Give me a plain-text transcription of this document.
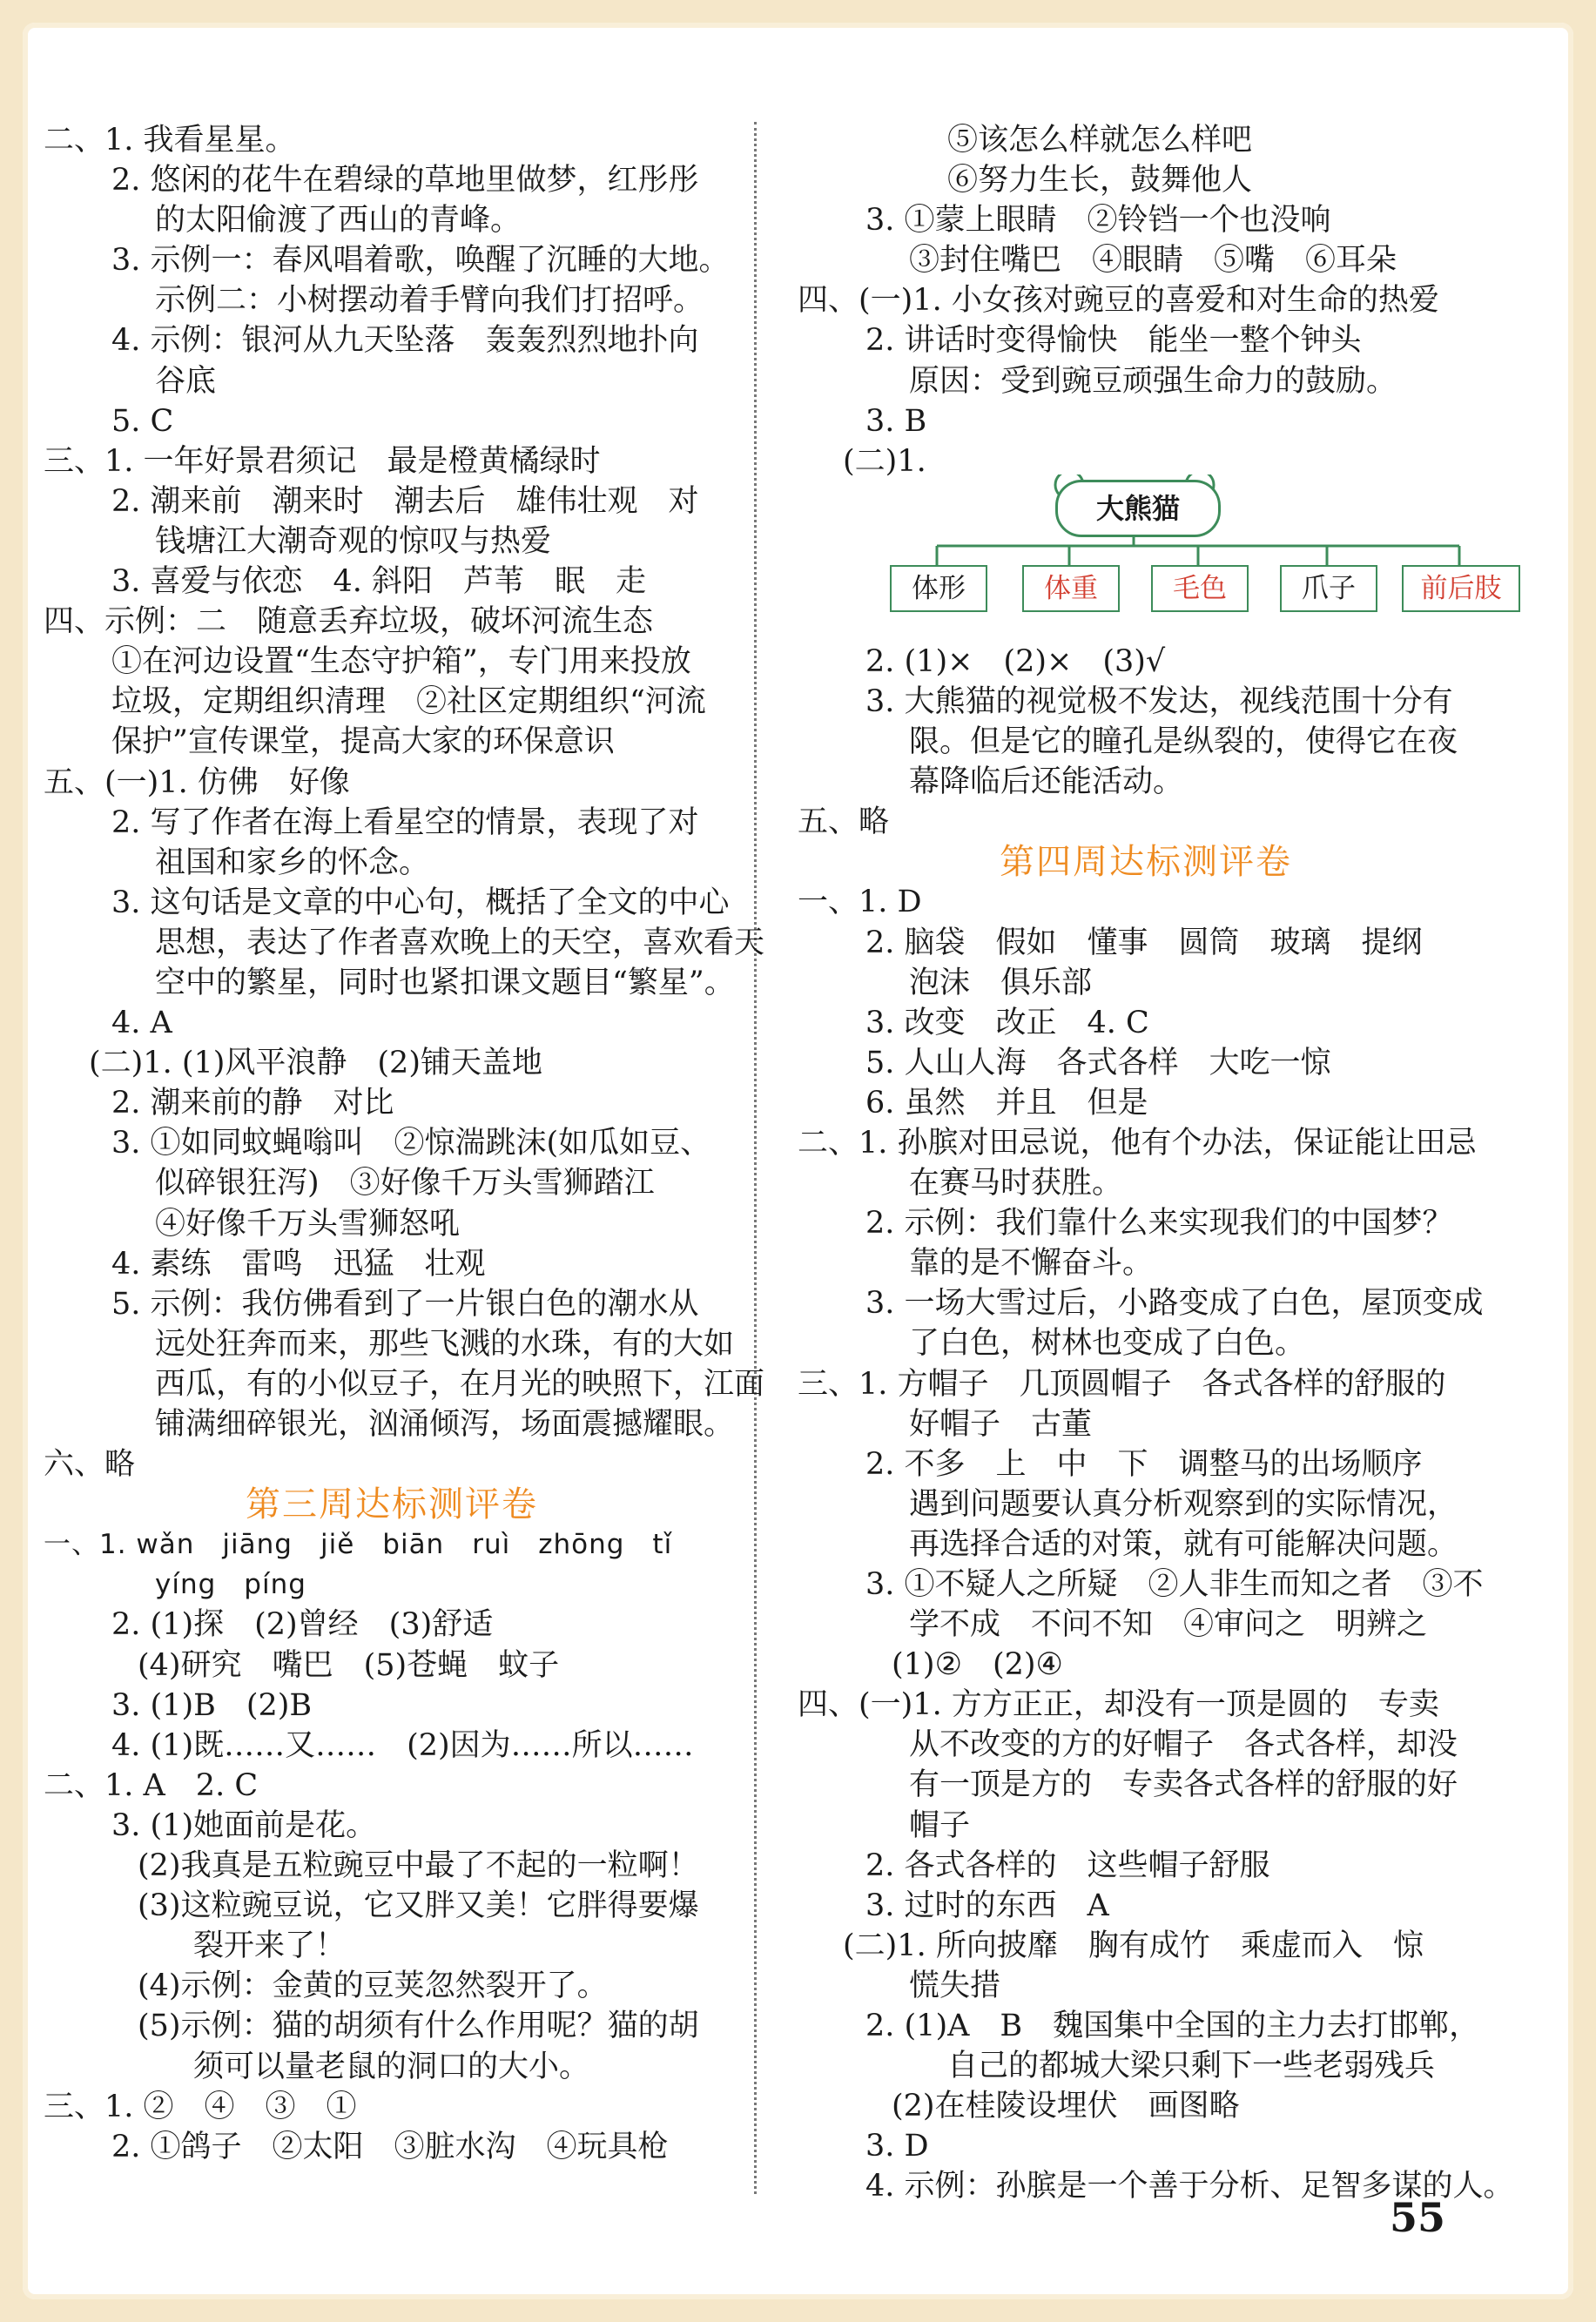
二、1. 我看星星。
2. 悠闲的花牛在碧绿的草地里做梦，红彤彤
的太阳偷渡了西山的青峰。
3. 示例一：春风唱着歌，唤醒了沉睡的大地。
示例二：小树摆动着手臂向我们打招呼。
4. 示例：银河从九天坠落　轰轰烈烈地扑向
谷底
5. C
三、1. 一年好景君须记　最是橙黄橘绿时
2. 潮来前　潮来时　潮去后　雄伟壮观　对
钱塘江大潮奇观的惊叹与热爱
3. 喜爱与依恋　4. 斜阳　芦苇　眠　走
四、示例：二　随意丢弃垃圾，破坏河流生态
①在河边设置“生态守护箱”，专门用来投放
垃圾，定期组织清理　②社区定期组织“河流
保护”宣传课堂，提高大家的环保意识
五、(一)1. 仿佛　好像
2. 写了作者在海上看星空的情景，表现了对
祖国和家乡的怀念。
3. 这句话是文章的中心句，概括了全文的中心
思想，表达了作者喜欢晚上的天空，喜欢看天
空中的繁星，同时也紧扣课文题目“繁星”。
4. A
(二)1. (1)风平浪静　(2)铺天盖地
2. 潮来前的静　对比
3. ①如同蚊蝇嗡叫　②惊湍跳沫(如瓜如豆、
似碎银狂泻)　③好像千万头雪狮踏江
④好像千万头雪狮怒吼
4. 素练　雷鸣　迅猛　壮观
5. 示例：我仿佛看到了一片银白色的潮水从
远处狂奔而来，那些飞溅的水珠，有的大如
西瓜，有的小似豆子，在月光的映照下，江面
铺满细碎银光，汹涌倾泻，场面震撼耀眼。
六、略
第三周达标测评卷
一、1. wǎn　jiāng　jiě　biān　ruì　zhōng　tǐ
yíng　píng
2. (1)探　(2)曾经　(3)舒适
(4)研究　嘴巴　(5)苍蝇　蚊子
3. (1)B　(2)B
4. (1)既……又……　(2)因为……所以……
二、1. A　2. C
3. (1)她面前是花。
(2)我真是五粒豌豆中最了不起的一粒啊！
(3)这粒豌豆说，它又胖又美！它胖得要爆
裂开来了！
(4)示例：金黄的豆荚忽然裂开了。
(5)示例：猫的胡须有什么作用呢？猫的胡
须可以量老鼠的洞口的大小。
三、1. ②　④　③　①
2. ①鸽子　②太阳　③脏水沟　④玩具枪
⑤该怎么样就怎么样吧
⑥努力生长，鼓舞他人
3. ①蒙上眼睛　②铃铛一个也没响
③封住嘴巴　④眼睛　⑤嘴　⑥耳朵
四、(一)1. 小女孩对豌豆的喜爱和对生命的热爱
2. 讲话时变得愉快　能坐一整个钟头
原因：受到豌豆顽强生命力的鼓励。
3. B
(二)1.
大熊猫
体形	体重	毛色	爪子	前后肢
2. (1)×　(2)×　(3)√
3. 大熊猫的视觉极不发达，视线范围十分有
限。但是它的瞳孔是纵裂的，使得它在夜
幕降临后还能活动。
五、略
第四周达标测评卷
一、1. D
2. 脑袋　假如　懂事　圆筒　玻璃　提纲
泡沫　俱乐部
3. 改变　改正　4. C
5. 人山人海　各式各样　大吃一惊
6. 虽然　并且　但是
二、1. 孙膑对田忌说，他有个办法，保证能让田忌
在赛马时获胜。
2. 示例：我们靠什么来实现我们的中国梦？
靠的是不懈奋斗。
3. 一场大雪过后，小路变成了白色，屋顶变成
了白色，树林也变成了白色。
三、1. 方帽子　几顶圆帽子　各式各样的舒服的
好帽子　古董
2. 不多　上　中　下　调整马的出场顺序
遇到问题要认真分析观察到的实际情况，
再选择合适的对策，就有可能解决问题。
3. ①不疑人之所疑　②人非生而知之者　③不
学不成　不问不知　④审问之　明辨之
(1)②　(2)④
四、(一)1. 方方正正，却没有一顶是圆的　专卖
从不改变的方的好帽子　各式各样，却没
有一顶是方的　专卖各式各样的舒服的好
帽子
2. 各式各样的　这些帽子舒服
3. 过时的东西　A
(二)1. 所向披靡　胸有成竹　乘虚而入　惊
慌失措
2. (1)A　B　魏国集中全国的主力去打邯郸，
自己的都城大梁只剩下一些老弱残兵
(2)在桂陵设埋伏　画图略
3. D
4. 示例：孙膑是一个善于分析、足智多谋的人。
55
